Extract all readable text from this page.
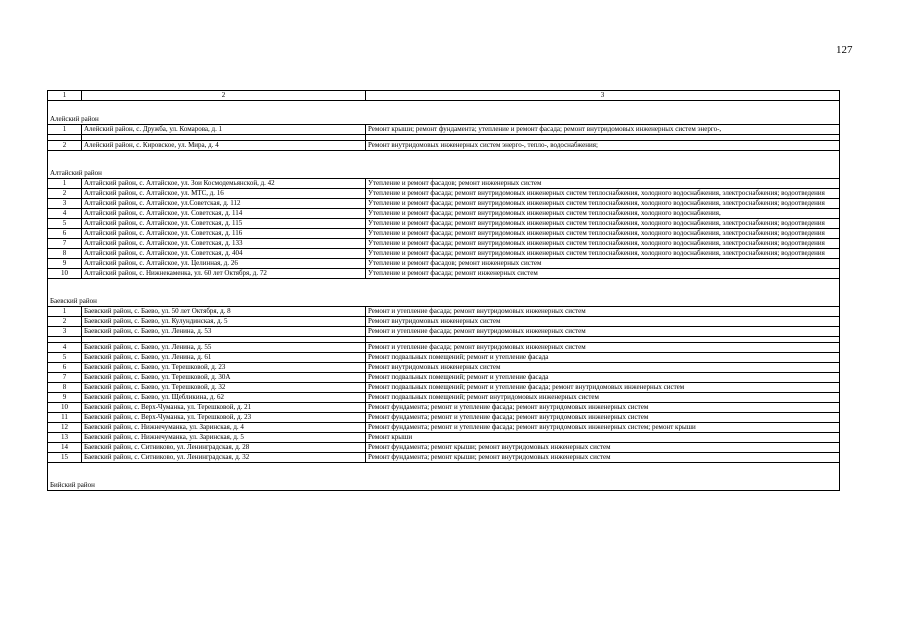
127
1	2	3

Алейский район		
1	Алейский район, с. Дружба, ул. Комарова, д. 1	Ремонт крыши; ремонт фундамента; утепление и ремонт фасада; ремонт внутридомовых инженерных систем энерго-,

2	Алейский район, с. Кировское, ул. Мира, д. 4	Ремонт внутридомовых инженерных систем энерго-, тепло-, водоснабжения;

Алтайский район		
1	Алтайский район, с. Алтайское, ул. Зои Космодемьянской, д. 42	Утепление и ремонт фасадов; ремонт инженерных систем
2	Алтайский район, с. Алтайское, ул. МТС, д. 16	Утепление и ремонт фасада; ремонт внутридомовых инженерных систем теплоснабжения, холодного водоснабжения, электроснабжения; водоотведения
3	Алтайский район, с. Алтайское, ул.Советская, д. 112	Утепление и ремонт фасада; ремонт внутридомовых инженерных систем теплоснабжения, холодного водоснабжения, электроснабжения; водоотведения
4	Алтайский район, с. Алтайское, ул. Советская, д. 114	Утепление и ремонт фасада; ремонт внутридомовых инженерных систем теплоснабжения, холодного водоснабжения,
5	Алтайский район, с. Алтайское, ул. Советская, д. 115	Утепление и ремонт фасада; ремонт внутридомовых инженерных систем теплоснабжения, холодного водоснабжения, электроснабжения; водоотведения
6	Алтайский район, с. Алтайское, ул. Советская, д. 116	Утепление и ремонт фасада; ремонт внутридомовых инженерных систем теплоснабжения, холодного водоснабжения, электроснабжения; водоотведения
7	Алтайский район, с. Алтайское, ул. Советская, д. 133	Утепление и ремонт фасада; ремонт внутридомовых инженерных систем теплоснабжения, холодного водоснабжения, электроснабжения; водоотведения
8	Алтайский район, с. Алтайское, ул. Советская, д. 404	Утепление и ремонт фасада; ремонт внутридомовых инженерных систем теплоснабжения, холодного водоснабжения, электроснабжения; водоотведения
9	Алтайский район, с. Алтайское, ул. Целинная, д. 26	Утепление и ремонт фасадов; ремонт инженерных систем
10	Алтайский район, с. Нижнекаменка, ул. 60 лет Октября, д. 72	Утепление и ремонт фасада; ремонт инженерных систем

Баевский район		
1	Баевский район, с. Баево, ул. 50 лет Октября, д. 8	Ремонт и утепление фасада; ремонт внутридомовых инженерных систем
2	Баевский район, с. Баево, ул. Кулундинская, д. 5	Ремонт внутридомовых инженерных систем
3	Баевский район, с. Баево, ул. Ленина, д. 53	Ремонт и утепление фасада; ремонт внутридомовых инженерных систем

4	Баевский район, с. Баево, ул. Ленина, д. 55	Ремонт и утепление фасада; ремонт внутридомовых инженерных систем
5	Баевский район, с. Баево, ул. Ленина, д. 61	Ремонт подвальных помещений; ремонт и утепление фасада
6	Баевский район, с. Баево, ул. Терешковой, д. 23	Ремонт внутридомовых инженерных систем
7	Баевский район, с. Баево, ул. Терешковой, д. 30А	Ремонт подвальных помещений; ремонт и утепление фасада
8	Баевский район, с. Баево, ул. Терешковой, д. 32	Ремонт подвальных помещений; ремонт и утепление фасада; ремонт внутридомовых инженерных систем
9	Баевский район, с. Баево, ул. Щебликина, д. 62	Ремонт подвальных помещений; ремонт внутридомовых инженерных систем
10	Баевский район, с. Верх-Чуманка, ул. Терешковой, д. 21	Ремонт фундамента; ремонт и утепление фасада; ремонт внутридомовых инженерных систем
11	Баевский район, с. Верх-Чуманка, ул. Терешковой, д. 23	Ремонт фундамента; ремонт и утепление фасада; ремонт внутридомовых инженерных систем
12	Баевский район, с. Нижнечуманка, ул. Заринская, д. 4	Ремонт фундамента; ремонт и утепление фасада; ремонт внутридомовых инженерных систем; ремонт крыши
13	Баевский район, с. Нижнечуманка, ул. Заринская, д. 5	Ремонт крыши
14	Баевский район, с. Ситниково, ул. Ленинградская, д. 28	Ремонт фундамента; ремонт крыши; ремонт внутридомовых инженерных систем
15	Баевский район, с. Ситниково, ул. Ленинградская, д. 32	Ремонт фундамента; ремонт крыши; ремонт внутридомовых инженерных систем

Бийский район		
